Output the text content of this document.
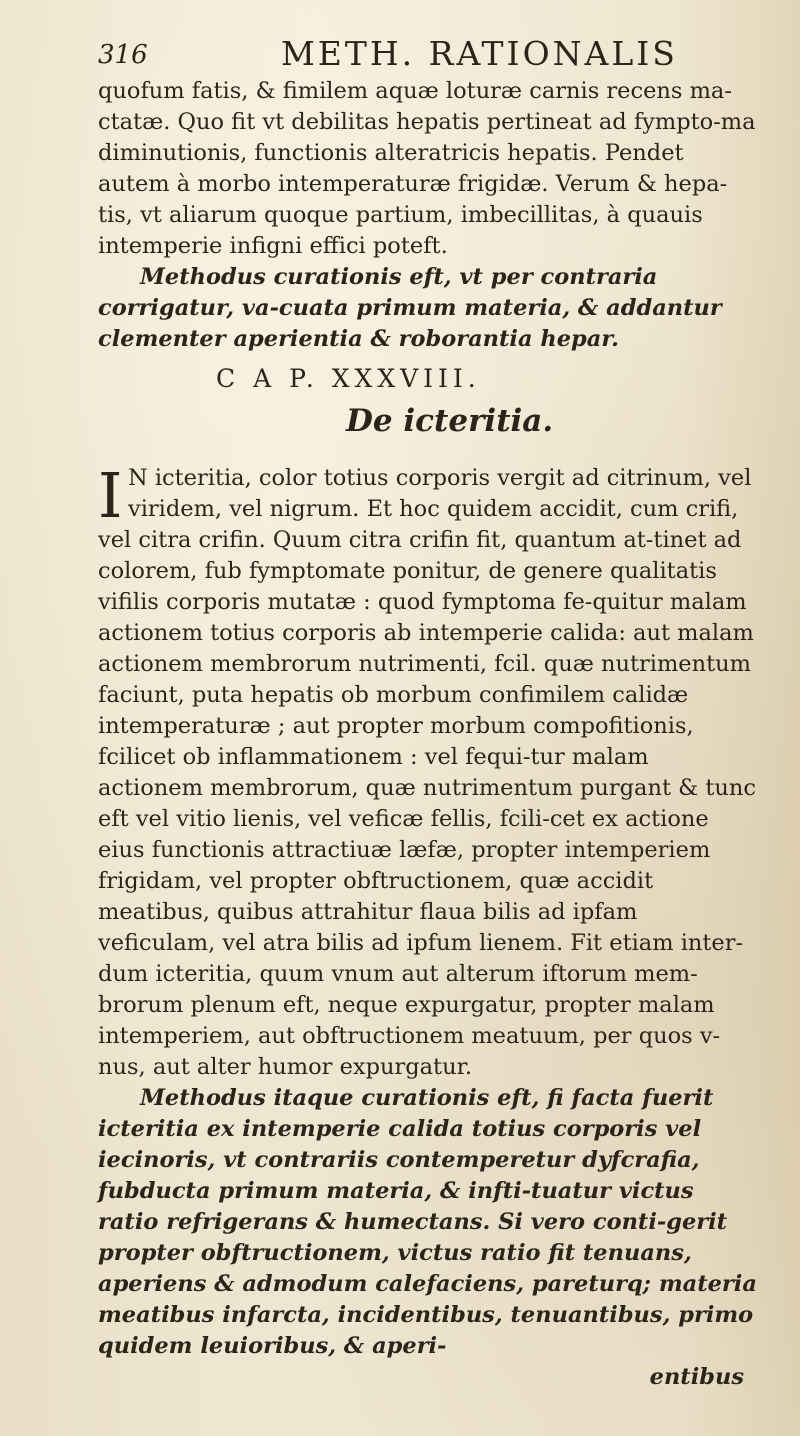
316	METH. RATIONALIS

quofum fatis, & fimilem aquæ loturæ carnis recens ma-ctatæ. Quo fit vt debilitas hepatis pertineat ad fympto-ma diminutionis, functionis alteratricis hepatis. Pendet autem à morbo intemperaturæ frigidæ. Verum & hepa-tis, vt aliarum quoque partium, imbecillitas, à quauis intemperie infigni effici poteft.

Methodus curationis eft, vt per contraria corrigatur, va-cuata primum materia, & addantur clementer aperientia & roborantia hepar.

C A P. XXXVIII.
De icteritia.

I N icteritia, color totius corporis vergit ad citrinum, vel viridem, vel nigrum. Et hoc quidem accidit, cum crifi, vel citra crifin. Quum citra crifin fit, quantum at-tinet ad colorem, fub fymptomate ponitur, de genere qualitatis vifilis corporis mutatæ : quod fymptoma fe-quitur malam actionem totius corporis ab intemperie calida: aut malam actionem membrorum nutrimenti, fcil. quæ nutrimentum faciunt, puta hepatis ob morbum confimilem calidæ intemperaturæ ; aut propter morbum compofitionis, fcilicet ob inflammationem : vel fequi-tur malam actionem membrorum, quæ nutrimentum purgant & tunc eft vel vitio lienis, vel veficæ fellis, fcili-cet ex actione eius functionis attractiuæ læfæ, propter intemperiem frigidam, vel propter obftructionem, quæ accidit meatibus, quibus attrahitur flaua bilis ad ipfam veficulam, vel atra bilis ad ipfum lienem. Fit etiam inter-dum icteritia, quum vnum aut alterum iftorum mem-brorum plenum eft, neque expurgatur, propter malam intemperiem, aut obftructionem meatuum, per quos v-nus, aut alter humor expurgatur.

Methodus itaque curationis eft, fi facta fuerit icteritia ex intemperie calida totius corporis vel iecinoris, vt contrariis contemperetur dyfcrafia, fubducta primum materia, & infti-tuatur victus ratio refrigerans & humectans. Si vero conti-gerit propter obftructionem, victus ratio fit tenuans, aperiens & admodum calefaciens, pareturq; materia meatibus infarcta, incidentibus, tenuantibus, primo quidem leuioribus, & aperi-

entibus
